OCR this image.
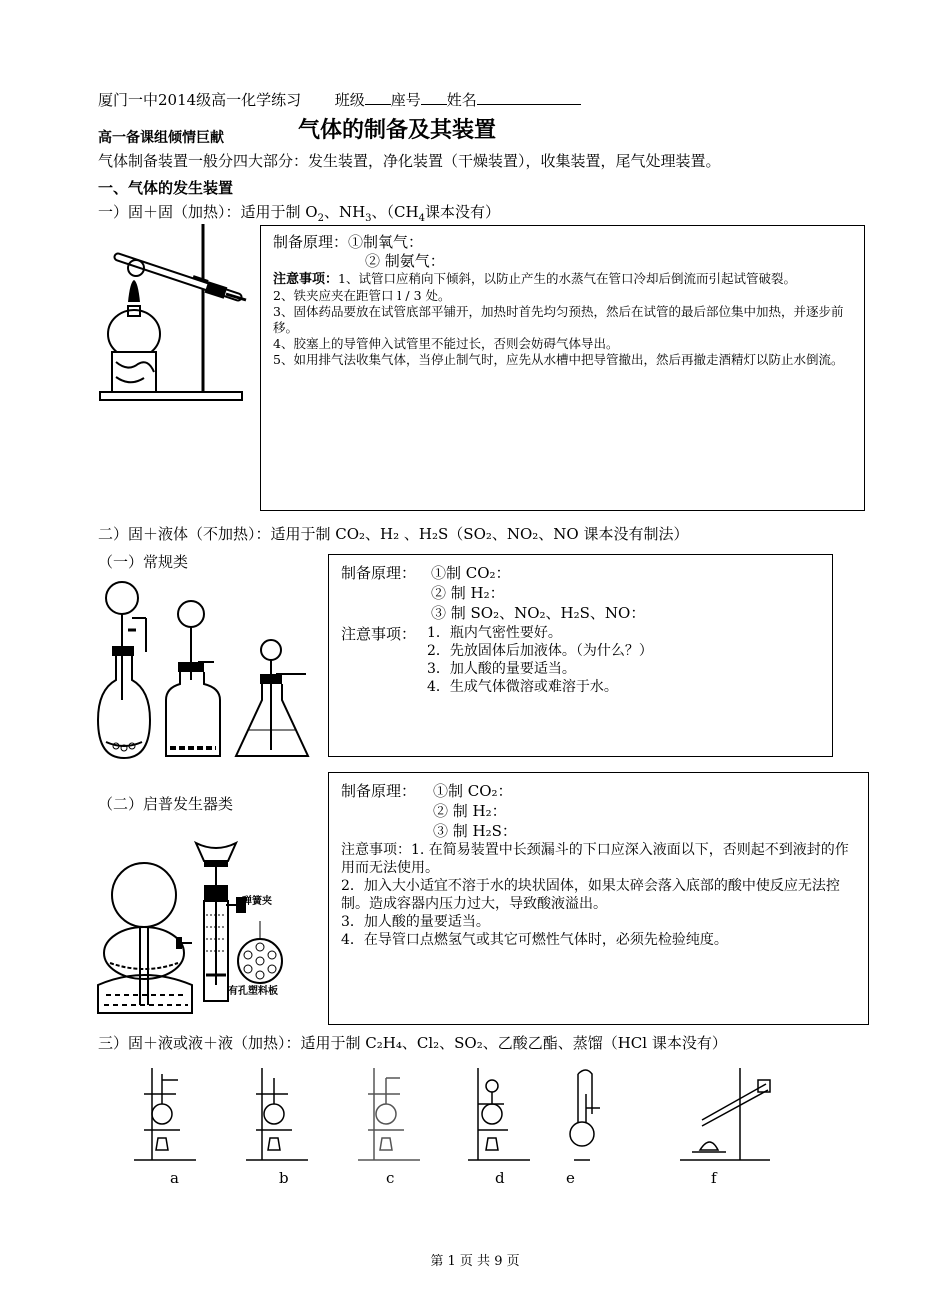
厦门一中2014级高一化学练习 班级 座号 姓名
高一备课组倾情巨献	气体的制备及其装置
气体制备装置一般分四大部分：发生装置，净化装置（干燥装置），收集装置，尾气处理装置。
一、气体的发生装置
一）固＋固（加热）：适用于制 $O_2$、$NH_3$、（$CH_4$课本没有）
制备原理： ①制氧气：
② 制氨气：
注意事项：1、试管口应稍向下倾斜，以防止产生的水蒸气在管口冷却后倒流而引起试管破裂。
2、铁夹应夹在距管口 l / 3 处。
3、固体药品要放在试管底部平铺开，加热时首先均匀预热，然后在试管的最后部位集中加热，并逐步前移。
4、胶塞上的导管伸入试管里不能过长，否则会妨碍气体导出。
5、如用排气法收集气体，当停止制气时，应先从水槽中把导管撤出，然后再撤走酒精灯以防止水倒流。
二）固＋液体（不加热）：适用于制 CO₂、H₂ 、H₂S（SO₂、NO₂、NO 课本没有制法）
（一）常规类
制备原理： ①制 CO₂：
② 制 H₂：
③ 制 SO₂、NO₂、H₂S、NO：
注意事项： 1．瓶内气密性要好。
2．先放固体后加液体。（为什么？）
3．加人酸的量要适当。
4．生成气体微溶或难溶于水。
（二）启普发生器类
弹簧夹
有孔塑料板
制备原理： ①制 CO₂：
② 制 H₂：
③ 制 H₂S：
注意事项：1. 在简易装置中长颈漏斗的下口应深入液面以下，否则起不到液封的作用而无法使用。
2．加入大小适宜不溶于水的块状固体，如果太碎会落入底部的酸中使反应无法控制。造成容器内压力过大，导致酸液溢出。
3．加人酸的量要适当。
4．在导管口点燃氢气或其它可燃性气体时，必须先检验纯度。
三）固＋液或液＋液（加热）：适用于制 C₂H₄、Cl₂、SO₂、乙酸乙酯、蒸馏（HCl 课本没有）
a	b	c	d	e	f
第 1 页 共 9 页
